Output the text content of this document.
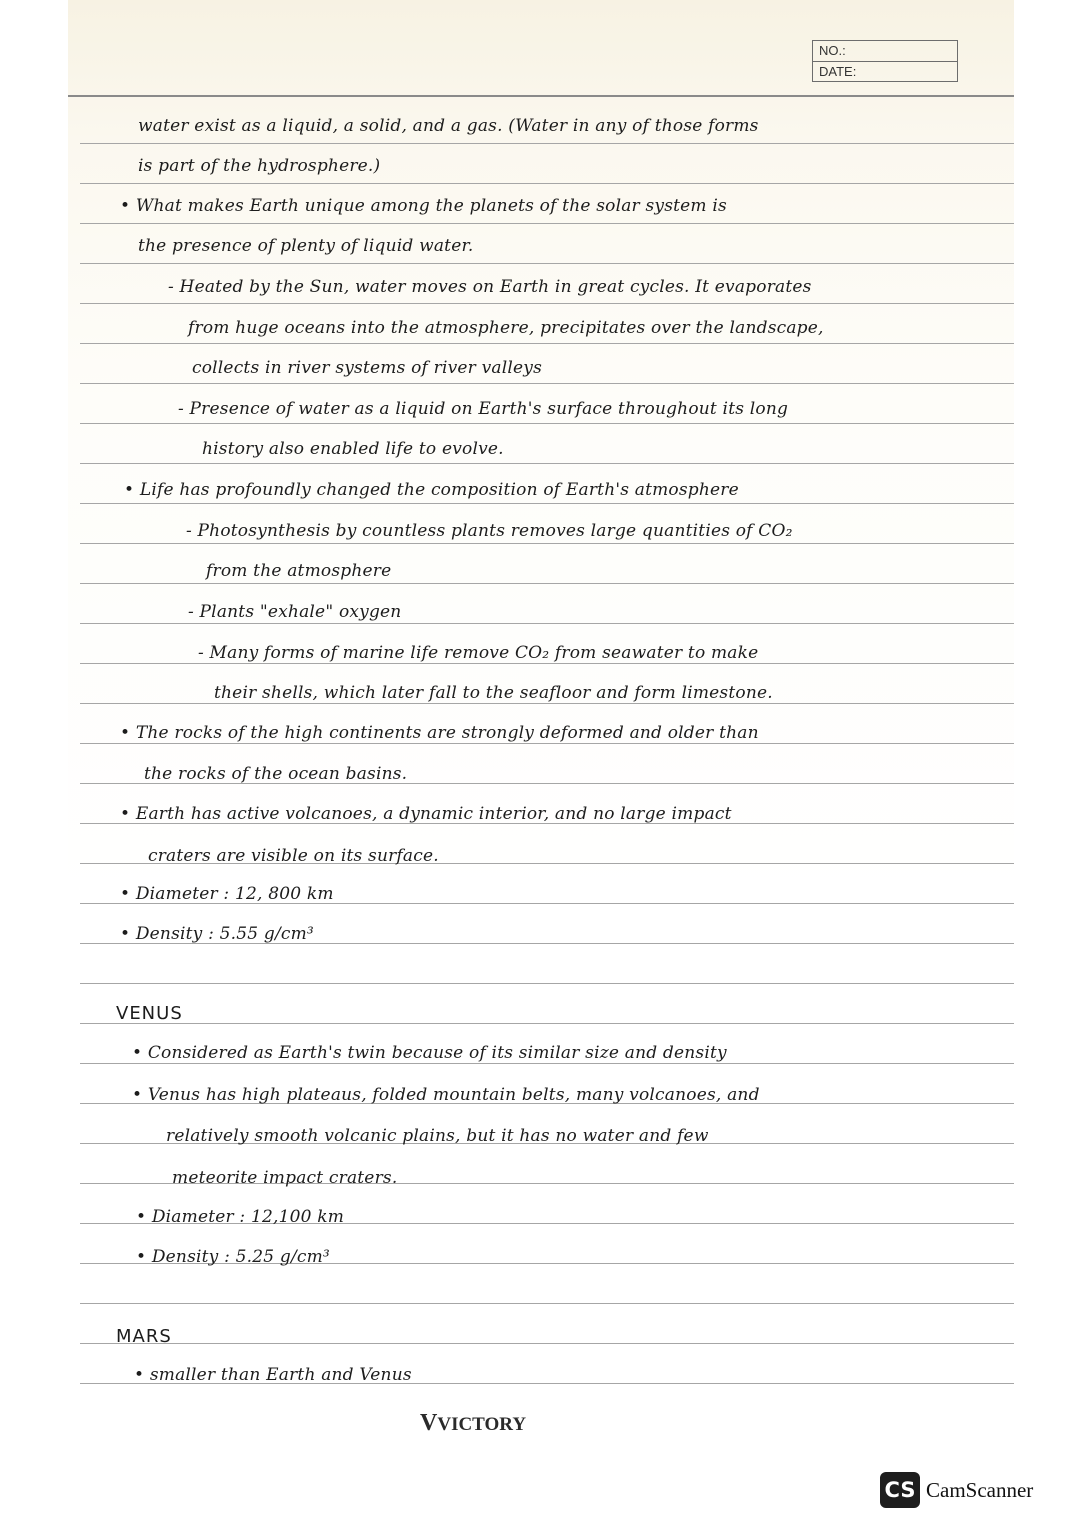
NO.:
DATE:
water exist as a liquid, a solid, and a gas. (Water in any of those forms
is part of the hydrosphere.)
• What makes Earth unique among the planets of the solar system is
the presence of plenty of liquid water.
- Heated by the Sun, water moves on Earth in great cycles. It evaporates
from huge oceans into the atmosphere, precipitates over the landscape,
collects in river systems of river valleys
- Presence of water as a liquid on Earth's surface throughout its long
history also enabled life to evolve.
• Life has profoundly changed the composition of Earth's atmosphere
- Photosynthesis by countless plants removes large quantities of CO₂
from the atmosphere
- Plants "exhale" oxygen
- Many forms of marine life remove CO₂ from seawater to make
their shells, which later fall to the seafloor and form limestone.
• The rocks of the high continents are strongly deformed and older than
the rocks of the ocean basins.
• Earth has active volcanoes, a dynamic interior, and no large impact
craters are visible on its surface.
• Diameter : 12, 800 km
• Density : 5.55 g/cm³
VENUS
• Considered as Earth's twin because of its similar size and density
• Venus has high plateaus, folded mountain belts, many volcanoes, and
relatively smooth volcanic plains, but it has no water and few
meteorite impact craters.
• Diameter : 12,100 km
• Density : 5.25 g/cm³
MARS
• smaller than Earth and Venus
VVICTORY
CS CamScanner
